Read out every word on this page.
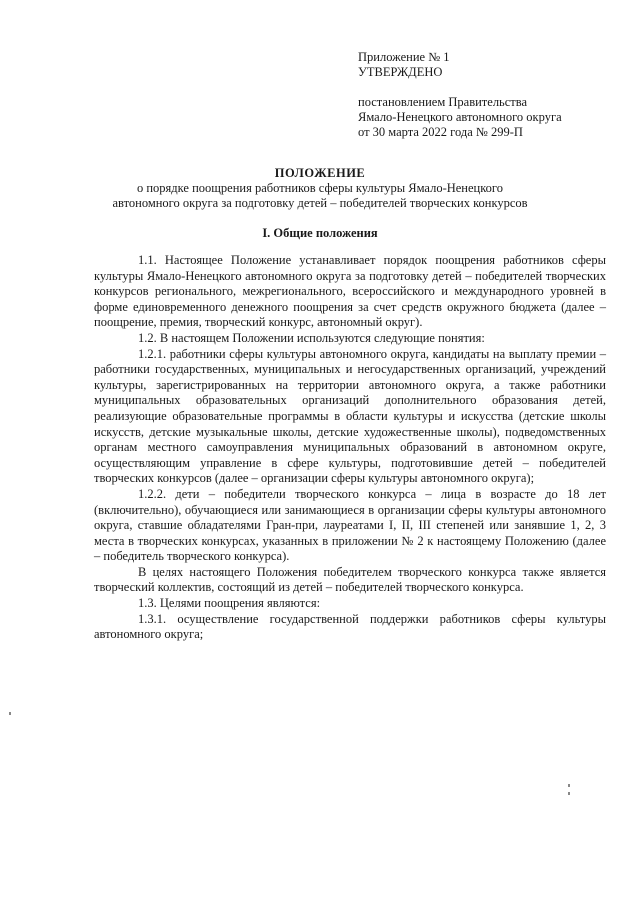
Приложение № 1
УТВЕРЖДЕНО
постановлением Правительства
Ямало-Ненецкого автономного округа
от 30 марта 2022 года № 299-П
ПОЛОЖЕНИЕ
о порядке поощрения работников сферы культуры Ямало-Ненецкого
автономного округа за подготовку детей – победителей творческих конкурсов
I. Общие положения

1.1. Настоящее Положение устанавливает порядок поощрения работников сферы культуры Ямало-Ненецкого автономного округа за подготовку детей – победителей творческих конкурсов регионального, межрегионального, всероссийского и международного уровней в форме единовременного денежного поощрения за счет средств окружного бюджета (далее – поощрение, премия, творческий конкурс, автономный округ).

1.2. В настоящем Положении используются следующие понятия:

1.2.1. работники сферы культуры автономного округа, кандидаты на выплату премии – работники государственных, муниципальных и негосударственных организаций, учреждений культуры, зарегистрированных на территории автономного округа, а также работники муниципальных образовательных организаций дополнительного образования детей, реализующие образовательные программы в области культуры и искусства (детские школы искусств, детские музыкальные школы, детские художественные школы), подведомственных органам местного самоуправления муниципальных образований в автономном округе, осуществляющим управление в сфере культуры, подготовившие детей – победителей творческих конкурсов (далее – организации сферы культуры автономного округа);

1.2.2. дети – победители творческого конкурса – лица в возрасте до 18 лет (включительно), обучающиеся или занимающиеся в организации сферы культуры автономного округа, ставшие обладателями Гран-при, лауреатами I, II, III степеней или занявшие 1, 2, 3 места в творческих конкурсах, указанных в приложении № 2 к настоящему Положению (далее – победитель творческого конкурса).

В целях настоящего Положения победителем творческого конкурса также является творческий коллектив, состоящий из детей – победителей творческого конкурса.

1.3. Целями поощрения являются:

1.3.1. осуществление государственной поддержки работников сферы культуры автономного округа;
